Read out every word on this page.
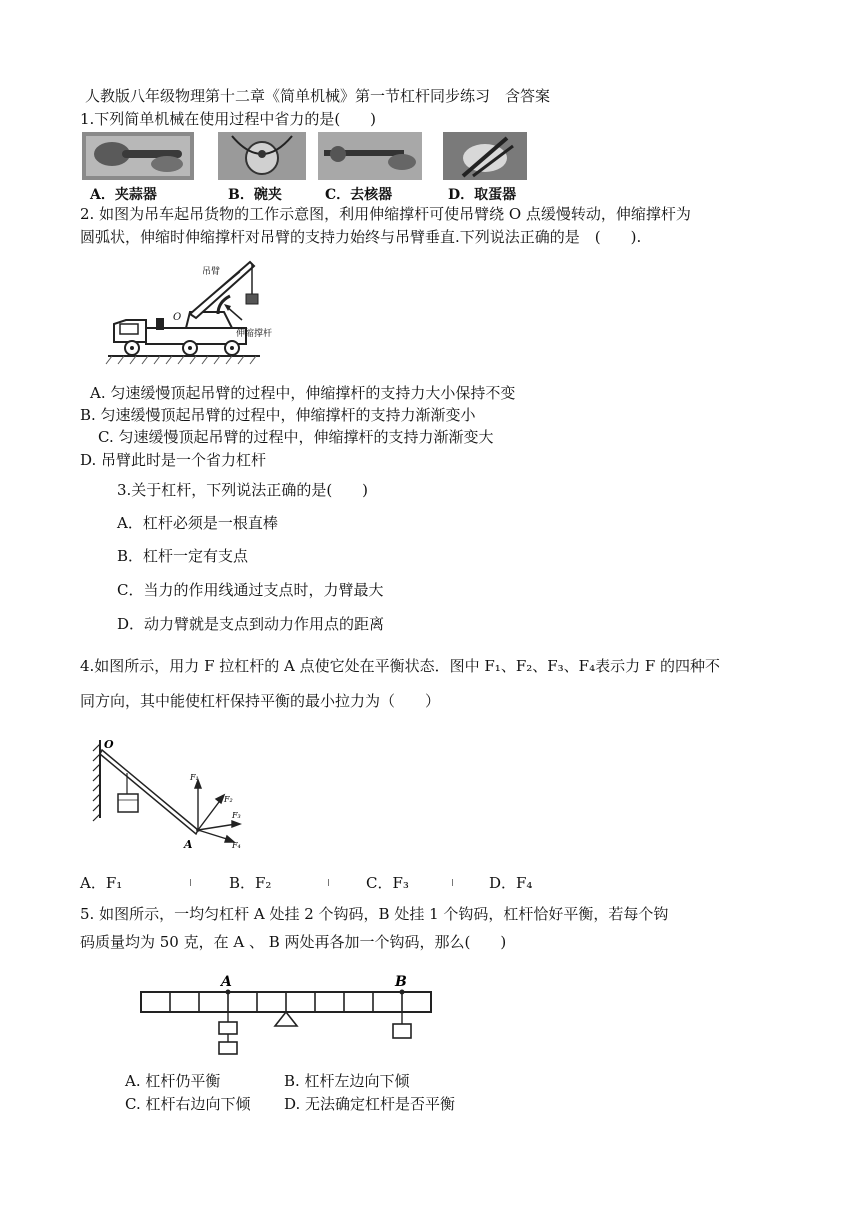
人教版八年级物理第十二章《简单机械》第一节杠杆同步练习　含答案
1.下列简单机械在使用过程中省力的是(　　)
A．夹蒜器	B．碗夹	C．去核器	D．取蛋器
2. 如图为吊车起吊货物的工作示意图，利用伸缩撑杆可使吊臂绕 O 点缓慢转动，伸缩撑杆为
圆弧状，伸缩时伸缩撑杆对吊臂的支持力始终与吊臂垂直.下列说法正确的是　(　　).
吊臂
O
伸缩撑杆
A. 匀速缓慢顶起吊臂的过程中，伸缩撑杆的支持力大小保持不变
B. 匀速缓慢顶起吊臂的过程中，伸缩撑杆的支持力渐渐变小
C. 匀速缓慢顶起吊臂的过程中，伸缩撑杆的支持力渐渐变大
D. 吊臂此时是一个省力杠杆
3.关于杠杆，下列说法正确的是(　　)
A．杠杆必须是一根直棒
B．杠杆一定有支点
C．当力的作用线通过支点时，力臂最大
D．动力臂就是支点到动力作用点的距离
4.如图所示，用力 F 拉杠杆的 A 点使它处在平衡状态．图中 F₁、F₂、F₃、F₄表示力 F 的四种不
同方向，其中能使杠杆保持平衡的最小拉力为（　　）
O
A
F₁
F₂
F₃
F₄
A．F₁	B．F₂	C．F₃	D．F₄
5. 如图所示，一均匀杠杆 A 处挂 2 个钩码，B 处挂 1 个钩码，杠杆恰好平衡，若每个钩
码质量均为 50 克，在 A 、 B 两处再各加一个钩码，那么(　　)
A	B
A. 杠杆仍平衡	B. 杠杆左边向下倾
C. 杠杆右边向下倾 D. 无法确定杠杆是否平衡
